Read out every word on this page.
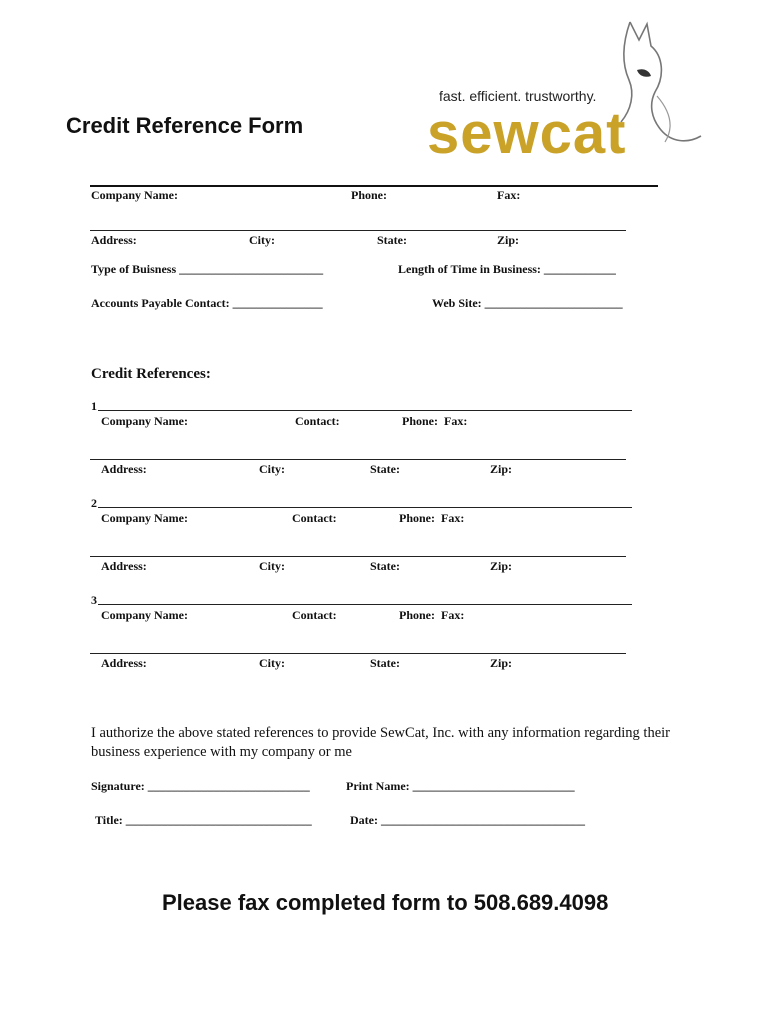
Credit Reference Form
fast. efficient. trustworthy.
sewcat
Company Name:	Phone:	Fax:
Address:	City:	State:	Zip:
Type of Buisness ________________________	Length of Time in Business: ____________
Accounts Payable Contact: _______________	Web Site: _______________________
Credit References:
1
Company Name:	Contact:	Phone:  Fax:
Address:	City:	State:	Zip:
2
Company Name:	Contact:	Phone:  Fax:
Address:	City:	State:	Zip:
3
Company Name:	Contact:	Phone:  Fax:
Address:	City:	State:	Zip:
I authorize the above stated references to provide SewCat, Inc. with any information regarding their business experience with my company or me
Signature: ___________________________	Print Name: ___________________________
Title: _______________________________	Date: __________________________________
Please fax completed form to 508.689.4098
